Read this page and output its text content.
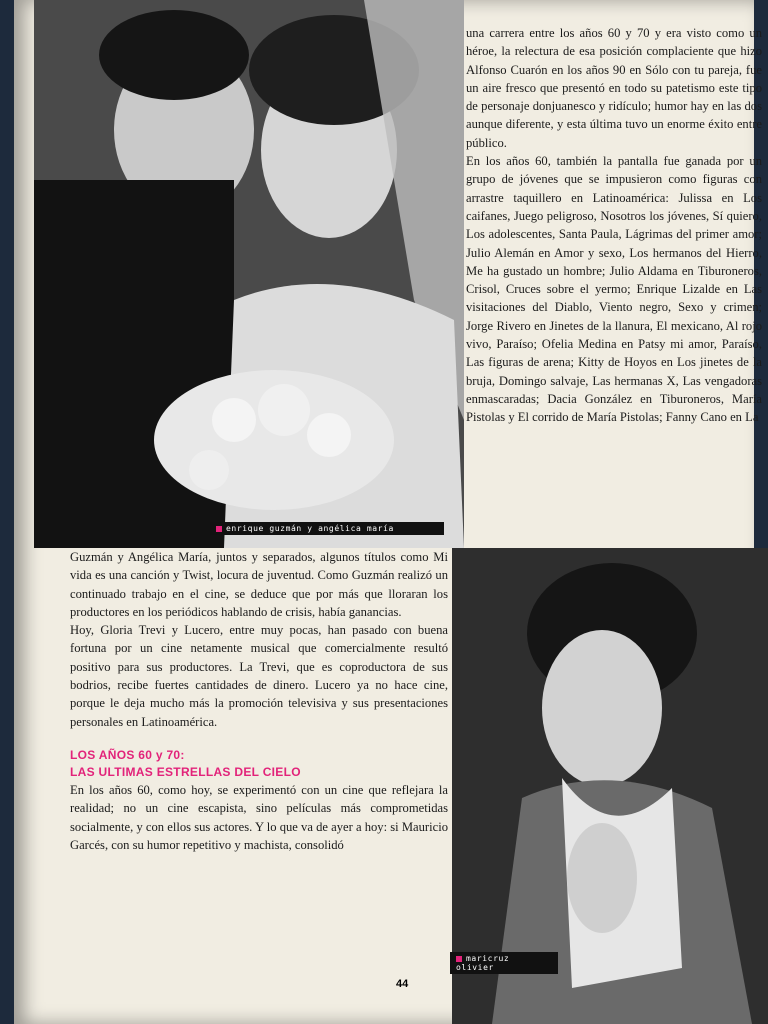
enrique guzmán y angélica maría

una carrera entre los años 60 y 70 y era visto como un héroe, la relectura de esa posición complaciente que hizo Alfonso Cuarón en los años 90 en Sólo con tu pareja, fue un aire fresco que presentó en todo su patetismo este tipo de personaje donjuanesco y ridículo; humor hay en las dos aunque diferente, y esta última tuvo un enorme éxito entre público.

En los años 60, también la pantalla fue ganada por un grupo de jóvenes que se impusieron como figuras con arrastre taquillero en Latinoamérica: Julissa en Los caifanes, Juego peligroso, Nosotros los jóvenes, Sí quiero, Los adolescentes, Santa Paula, Lágrimas del primer amor; Julio Alemán en Amor y sexo, Los hermanos del Hierro, Me ha gustado un hombre; Julio Aldama en Tiburoneros, Crisol, Cruces sobre el yermo; Enrique Lizalde en Las visitaciones del Diablo, Viento negro, Sexo y crimen; Jorge Rivero en Jinetes de la llanura, El mexicano, Al rojo vivo, Paraíso; Ofelia Medina en Patsy mi amor, Paraíso, Las figuras de arena; Kitty de Hoyos en Los jinetes de la bruja, Domingo salvaje, Las hermanas X, Las vengadoras enmascaradas; Dacia González en Tiburoneros, María Pistolas y El corrido de María Pistolas; Fanny Cano en La

Guzmán y Angélica María, juntos y separados, algunos títulos como Mi vida es una canción y Twist, locura de juventud. Como Guzmán realizó un continuado trabajo en el cine, se deduce que por más que lloraran los productores en los periódicos hablando de crisis, había ganancias.

Hoy, Gloria Trevi y Lucero, entre muy pocas, han pasado con buena fortuna por un cine netamente musical que comercialmente resultó positivo para sus productores. La Trevi, que es coproductora de sus bodrios, recibe fuertes cantidades de dinero. Lucero ya no hace cine, porque le deja mucho más la promoción televisiva y sus presentaciones personales en Latinoamérica.

LOS AÑOS 60 y 70:
LAS ULTIMAS ESTRELLAS DEL CIELO

En los años 60, como hoy, se experimentó con un cine que reflejara la realidad; no un cine escapista, sino películas más comprometidas socialmente, y con ellos sus actores. Y lo que va de ayer a hoy: si Mauricio Garcés, con su humor repetitivo y machista, consolidó

maricruz olivier
44
